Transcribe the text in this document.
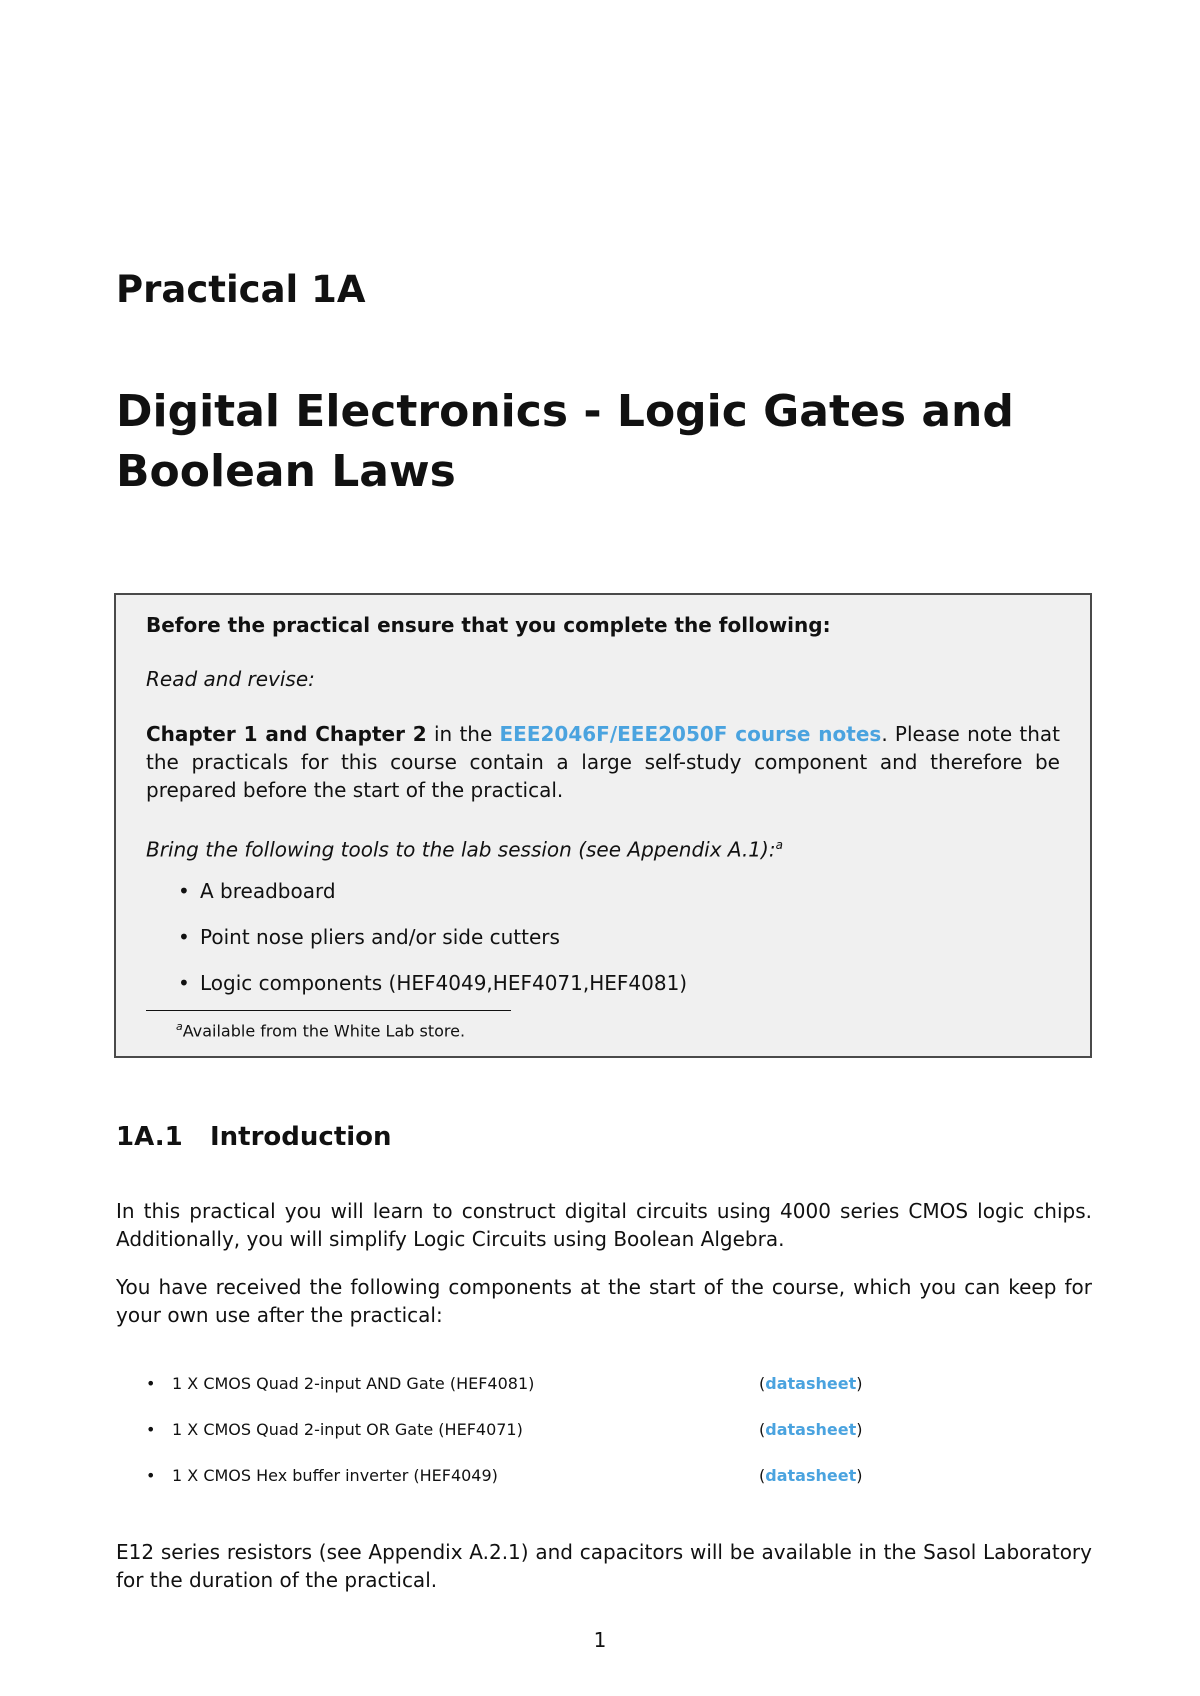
Practical 1A
Digital Electronics - Logic Gates and Boolean Laws

Before the practical ensure that you complete the following:

Read and revise:

Chapter 1 and Chapter 2 in the EEE2046F/EEE2050F course notes. Please note that the practicals for this course contain a large self-study component and therefore be prepared before the start of the practical.

Bring the following tools to the lab session (see Appendix A.1):$^a$

• A breadboard
• Point nose pliers and/or side cutters
• Logic components (HEF4049,HEF4071,HEF4081)

$^a$Available from the White Lab store.

1A.1 Introduction

In this practical you will learn to construct digital circuits using 4000 series CMOS logic chips. Additionally, you will simplify Logic Circuits using Boolean Algebra.

You have received the following components at the start of the course, which you can keep for your own use after the practical:

• 1 X CMOS Quad 2-input AND Gate (HEF4081)	(datasheet)
• 1 X CMOS Quad 2-input OR Gate (HEF4071)	(datasheet)
• 1 X CMOS Hex buffer inverter (HEF4049)	(datasheet)

E12 series resistors (see Appendix A.2.1) and capacitors will be available in the Sasol Laboratory for the duration of the practical.

1
